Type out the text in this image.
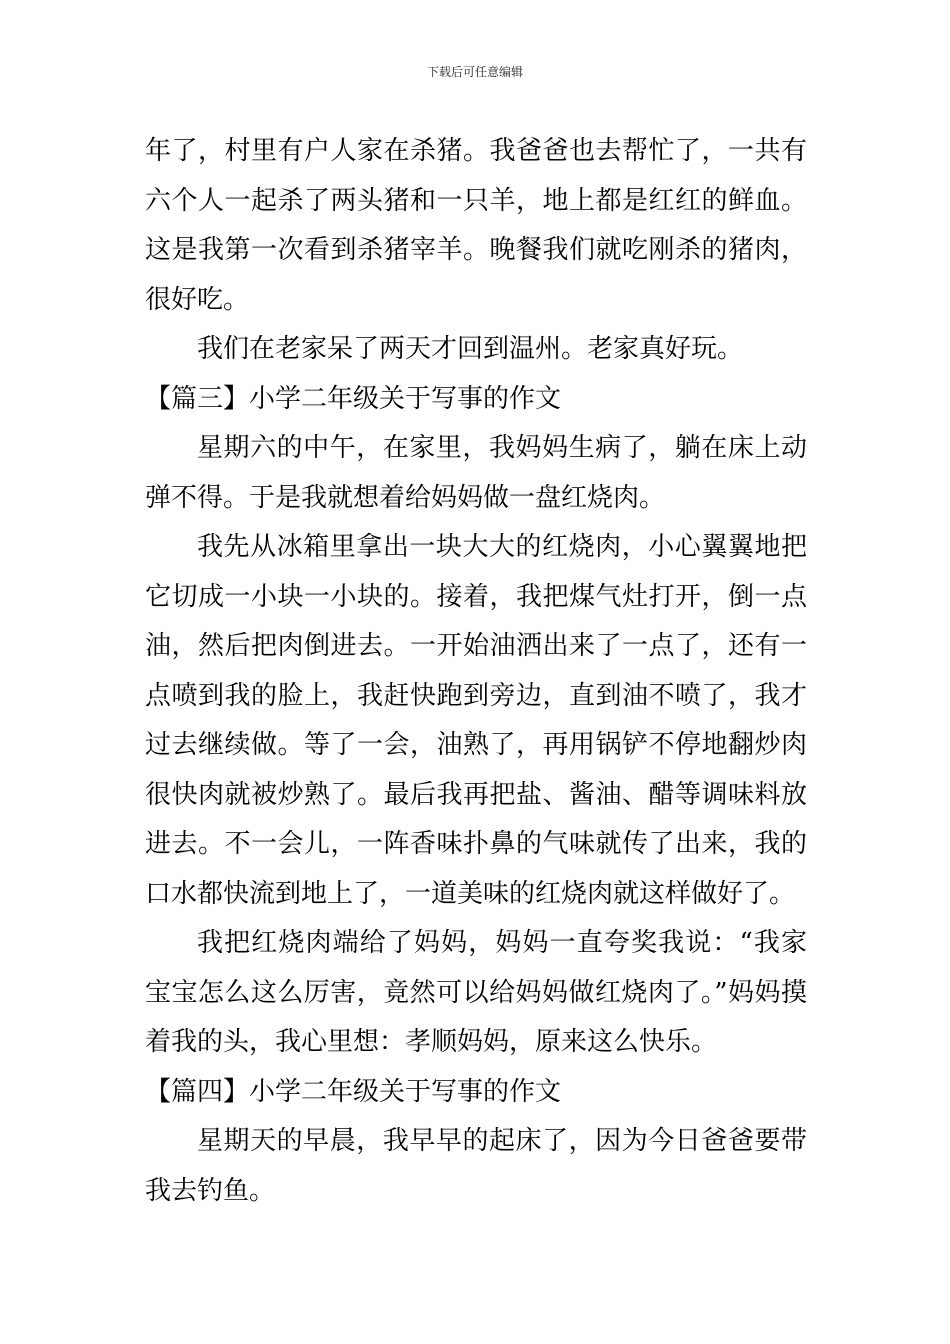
下载后可任意编辑

年了，村里有户人家在杀猪。我爸爸也去帮忙了，一共有六个人一起杀了两头猪和一只羊，地上都是红红的鲜血。这是我第一次看到杀猪宰羊。晚餐我们就吃刚杀的猪肉，很好吃。

我们在老家呆了两天才回到温州。老家真好玩。

【篇三】小学二年级关于写事的作文

星期六的中午，在家里，我妈妈生病了，躺在床上动弹不得。于是我就想着给妈妈做一盘红烧肉。

我先从冰箱里拿出一块大大的红烧肉，小心翼翼地把它切成一小块一小块的。接着，我把煤气灶打开，倒一点油，然后把肉倒进去。一开始油洒出来了一点了，还有一点喷到我的脸上，我赶快跑到旁边，直到油不喷了，我才过去继续做。等了一会，油熟了，再用锅铲不停地翻炒肉很快肉就被炒熟了。最后我再把盐、酱油、醋等调味料放进去。不一会儿，一阵香味扑鼻的气味就传了出来，我的口水都快流到地上了，一道美味的红烧肉就这样做好了。

我把红烧肉端给了妈妈，妈妈一直夸奖我说：“我家宝宝怎么这么厉害，竟然可以给妈妈做红烧肉了。”妈妈摸着我的头，我心里想：孝顺妈妈，原来这么快乐。

【篇四】小学二年级关于写事的作文

星期天的早晨，我早早的起床了，因为今日爸爸要带我去钓鱼。
